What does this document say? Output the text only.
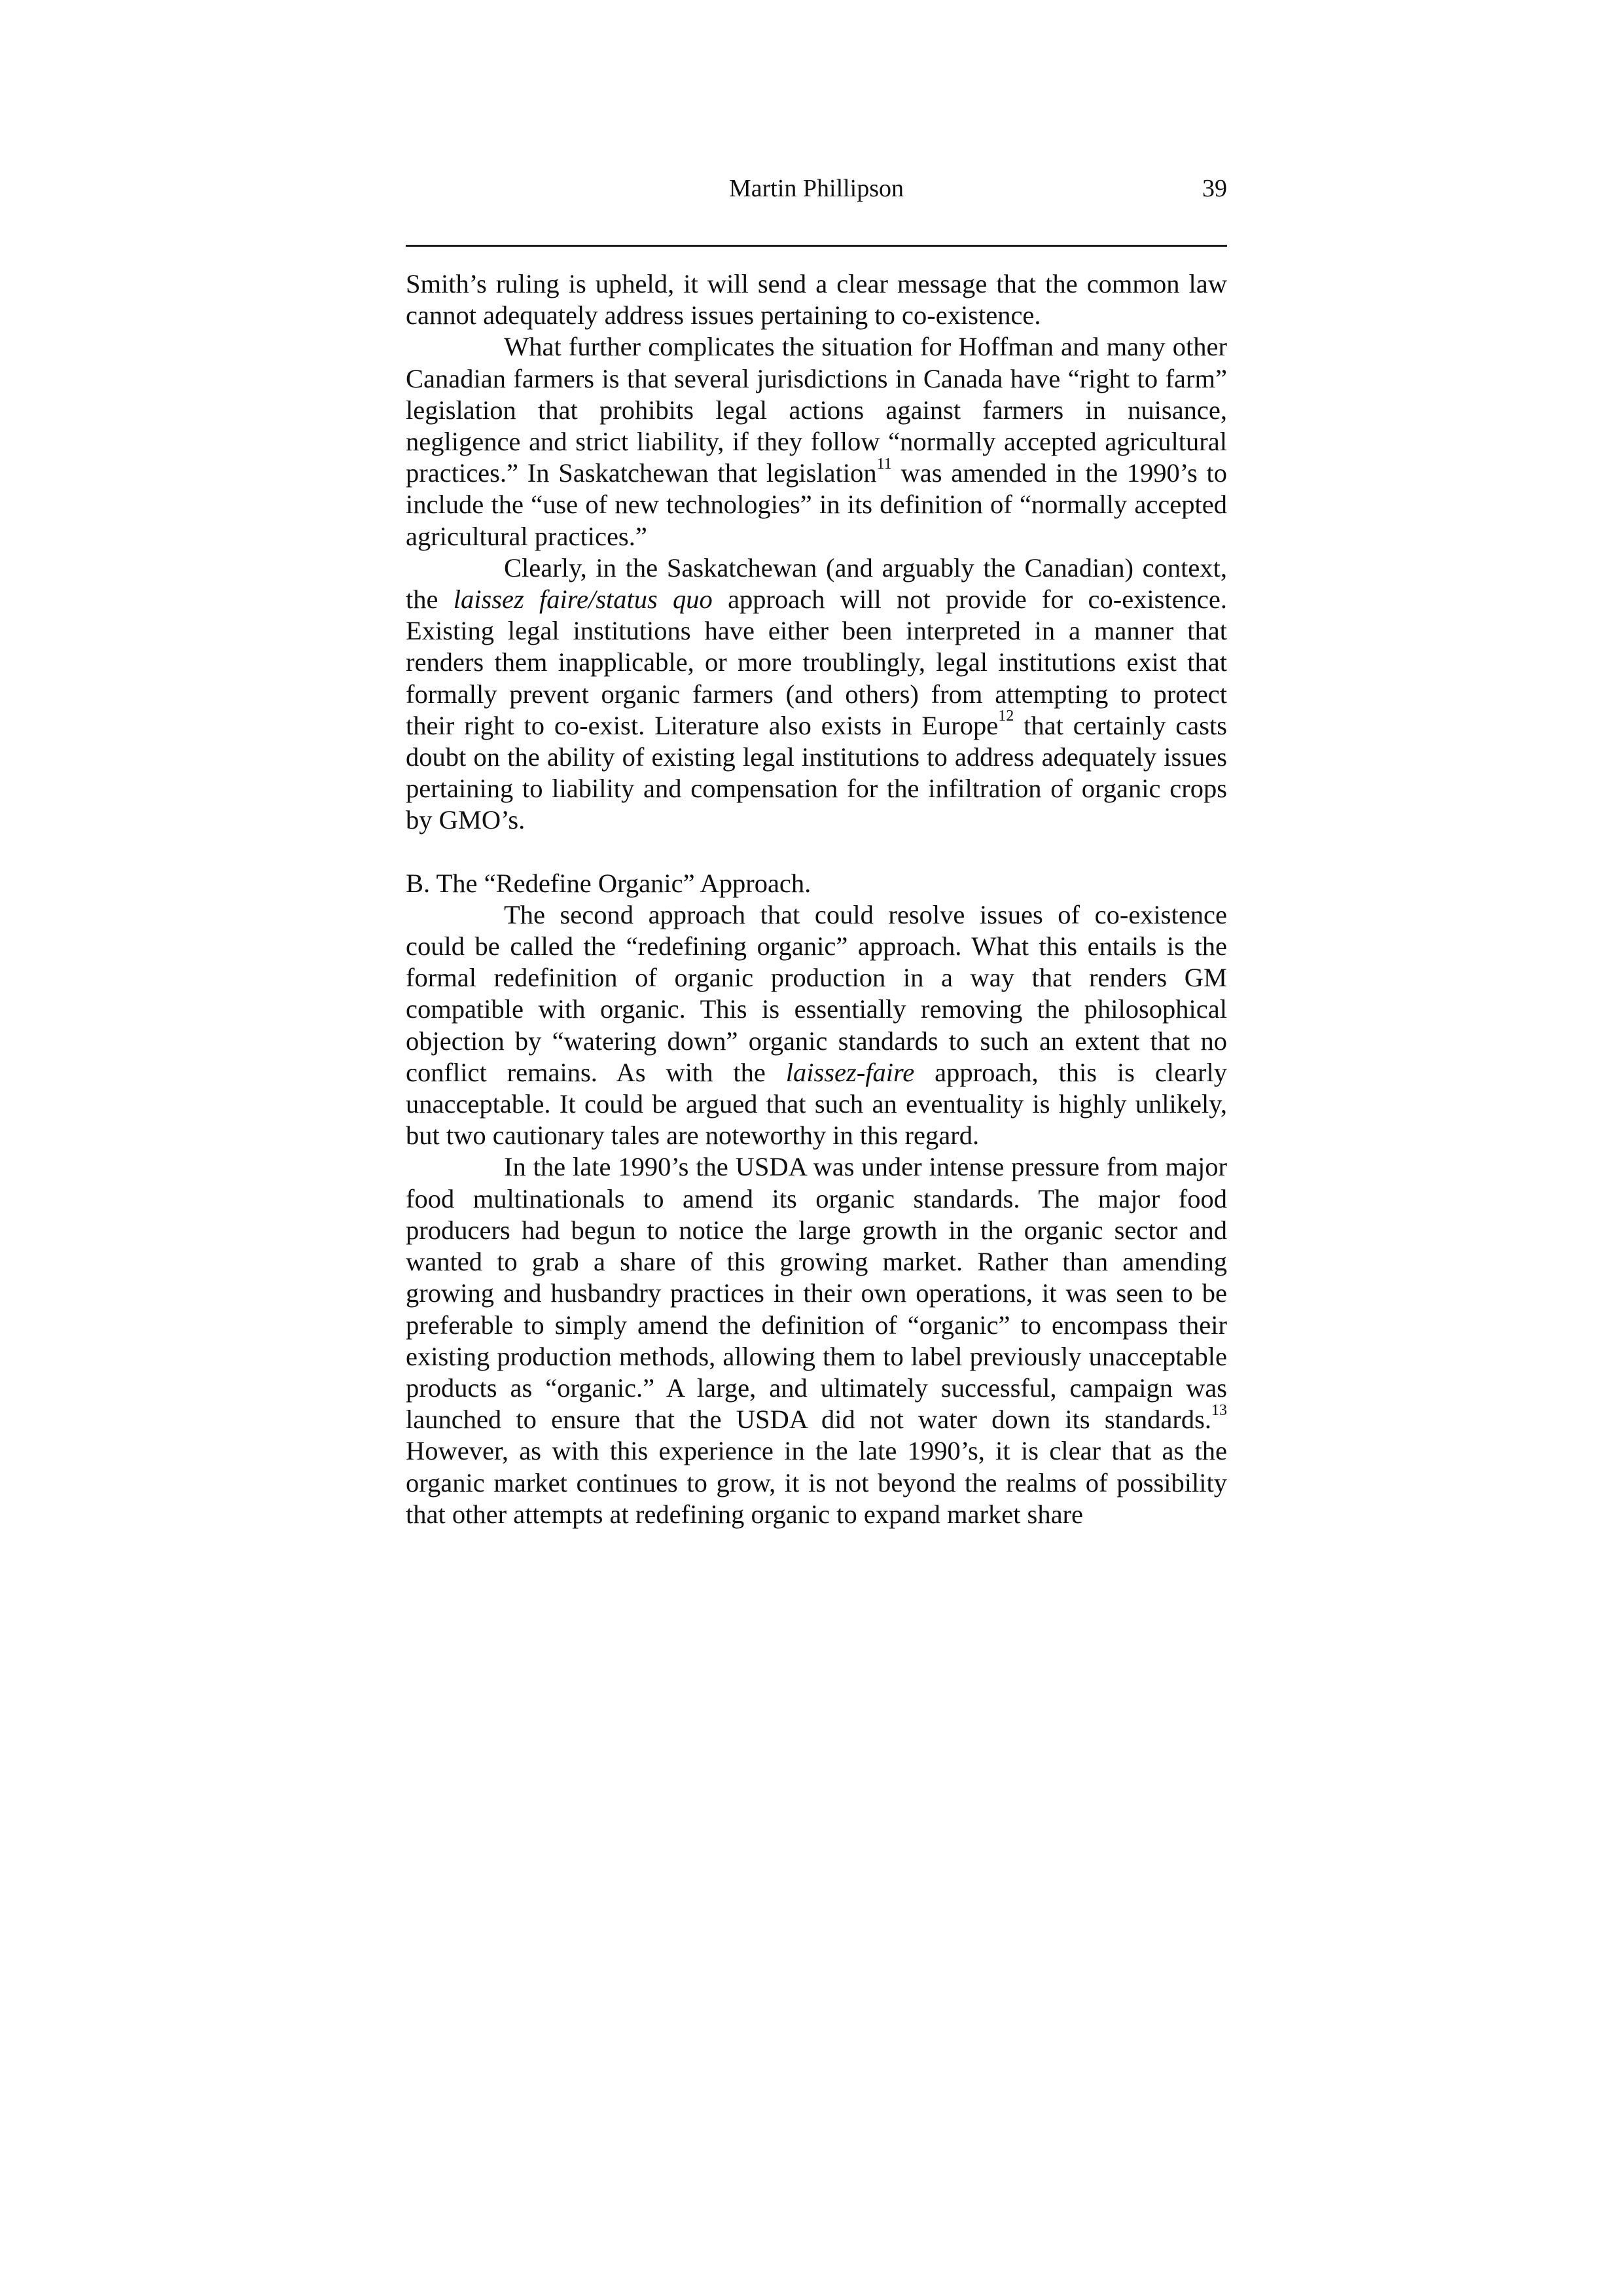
Martin Phillipson	39

Smith’s ruling is upheld, it will send a clear message that the common law cannot adequately address issues pertaining to co-existence.

What further complicates the situation for Hoffman and many other Canadian farmers is that several jurisdictions in Canada have “right to farm” legislation that prohibits legal actions against farmers in nuisance, negligence and strict liability, if they follow “normally accepted agricultural practices.” In Saskatchewan that legislation$^{11}$ was amended in the 1990’s to include the “use of new technologies” in its definition of “normally accepted agricultural practices.”

Clearly, in the Saskatchewan (and arguably the Canadian) context, the laissez faire/status quo approach will not provide for co-existence. Existing legal institutions have either been interpreted in a manner that renders them inapplicable, or more troublingly, legal institutions exist that formally prevent organic farmers (and others) from attempting to protect their right to co-exist. Literature also exists in Europe$^{12}$ that certainly casts doubt on the ability of existing legal institutions to address adequately issues pertaining to liability and compensation for the infiltration of organic crops by GMO’s.

B. The “Redefine Organic” Approach.

The second approach that could resolve issues of co-existence could be called the “redefining organic” approach. What this entails is the formal redefinition of organic production in a way that renders GM compatible with organic. This is essentially removing the philosophical objection by “watering down” organic standards to such an extent that no conflict remains. As with the laissez-faire approach, this is clearly unacceptable. It could be argued that such an eventuality is highly unlikely, but two cautionary tales are noteworthy in this regard.

In the late 1990’s the USDA was under intense pressure from major food multinationals to amend its organic standards. The major food producers had begun to notice the large growth in the organic sector and wanted to grab a share of this growing market. Rather than amending growing and husbandry practices in their own operations, it was seen to be preferable to simply amend the definition of “organic” to encompass their existing production methods, allowing them to label previously unacceptable products as “organic.” A large, and ultimately successful, campaign was launched to ensure that the USDA did not water down its standards.$^{13}$ However, as with this experience in the late 1990’s, it is clear that as the organic market continues to grow, it is not beyond the realms of possibility that other attempts at redefining organic to expand market share
